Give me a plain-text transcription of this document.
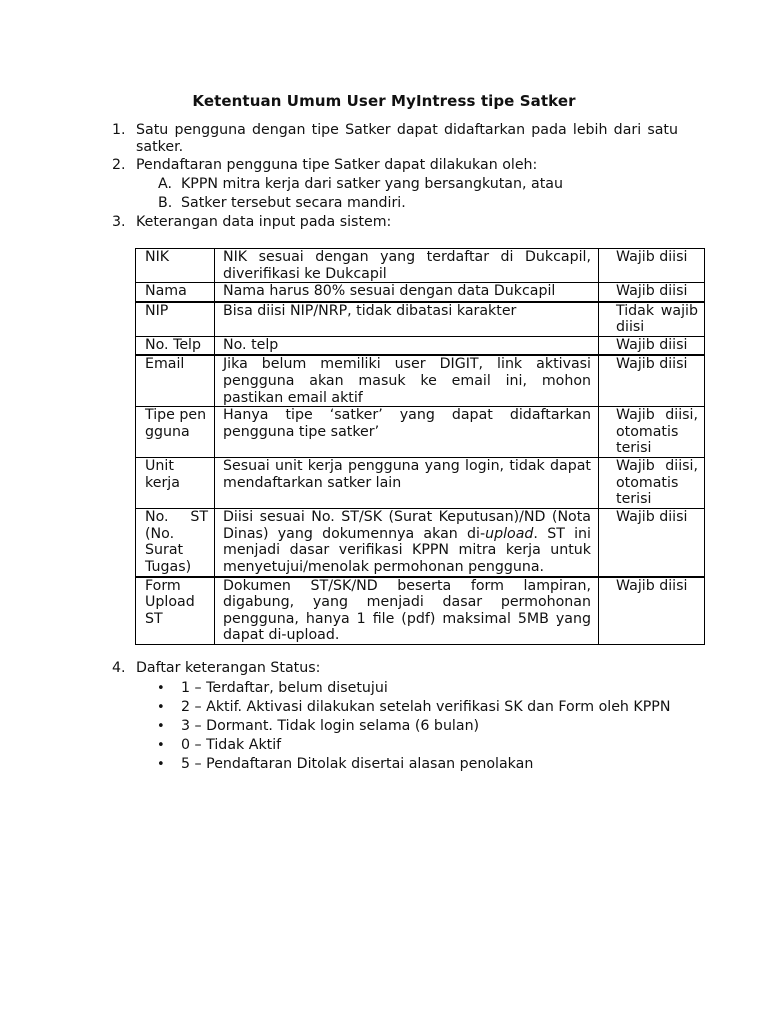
Ketentuan Umum User MyIntress tipe Satker
1. Satu pengguna dengan tipe Satker dapat didaftarkan pada lebih dari satu satker.
2. Pendaftaran pengguna tipe Satker dapat dilakukan oleh:
A. KPPN mitra kerja dari satker yang bersangkutan, atau
B. Satker tersebut secara mandiri.
3. Keterangan data input pada sistem:
NIK	NIK sesuai dengan yang terdaftar di Dukcapil, diverifikasi ke Dukcapil	Wajib diisi
Nama	Nama harus 80% sesuai dengan data Dukcapil	Wajib diisi
NIP	Bisa diisi NIP/NRP, tidak dibatasi karakter	Tidak wajib diisi
No. Telp	No. telp	Wajib diisi
Email	Jika belum memiliki user DIGIT, link aktivasi pengguna akan masuk ke email ini, mohon pastikan email aktif	Wajib diisi
Tipe pengguna	Hanya tipe ‘satker’ yang dapat didaftarkan pengguna tipe satker’	Wajib diisi, otomatis terisi
Unit kerja	Sesuai unit kerja pengguna yang login, tidak dapat mendaftarkan satker lain	Wajib diisi, otomatis terisi
No. ST (No. Surat Tugas)	Diisi sesuai No. ST/SK (Surat Keputusan)/ND (Nota Dinas) yang dokumennya akan di-upload. ST ini menjadi dasar verifikasi KPPN mitra kerja untuk menyetujui/menolak permohonan pengguna.	Wajib diisi
Form Upload ST	Dokumen ST/SK/ND beserta form lampiran, digabung, yang menjadi dasar permohonan pengguna, hanya 1 file (pdf) maksimal 5MB yang dapat di-upload.	Wajib diisi
4. Daftar keterangan Status:
• 1 – Terdaftar, belum disetujui
• 2 – Aktif. Aktivasi dilakukan setelah verifikasi SK dan Form oleh KPPN
• 3 – Dormant. Tidak login selama (6 bulan)
• 0 – Tidak Aktif
• 5 – Pendaftaran Ditolak disertai alasan penolakan
